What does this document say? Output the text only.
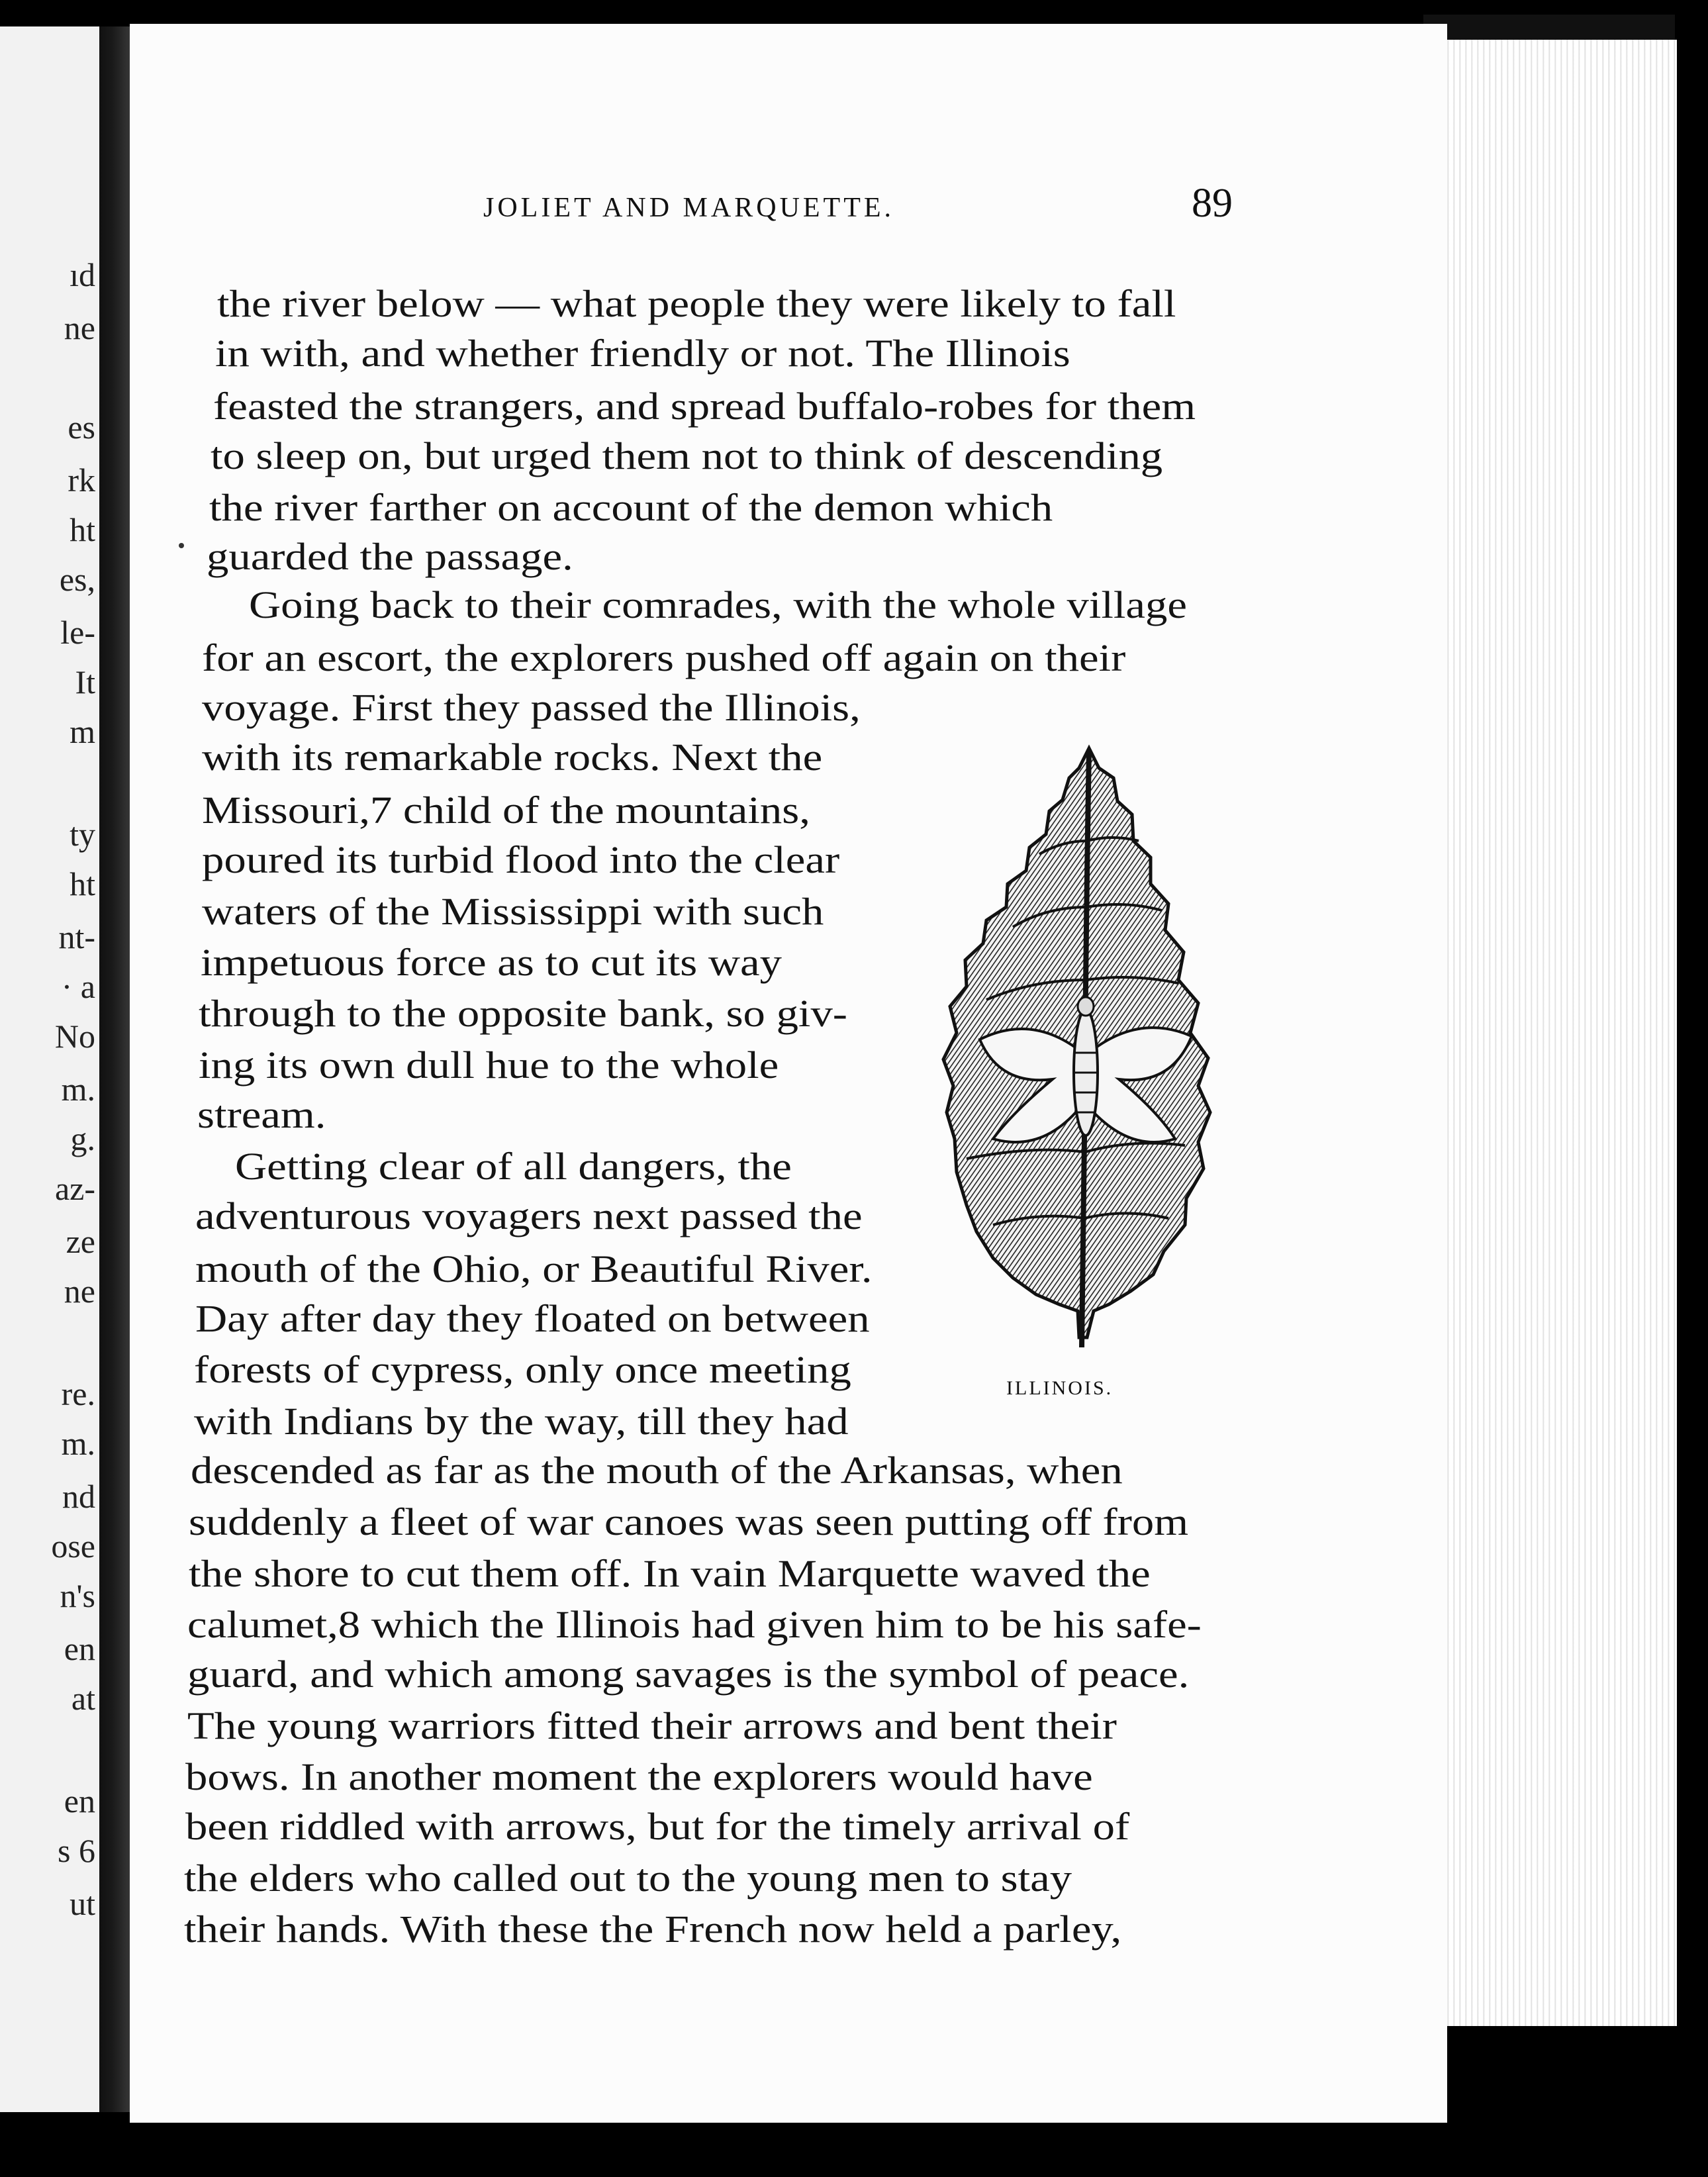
ıd
ne
es
rk
ht
es,
le-
It
m
ty
ht
nt-
· a
No
m.
g.
az-
ze
ne
re.
m.
nd
ose
n's
en
at
en
s 6
ut
JOLIET AND MARQUETTE.	89
the river below — what people they were likely to fall
in with, and whether friendly or not. The Illinois
feasted the strangers, and spread buffalo-robes for them
to sleep on, but urged them not to think of descending
the river farther on account of the demon which
guarded the passage.
Going back to their comrades, with the whole village
for an escort, the explorers pushed off again on their
voyage. First they passed the Illinois,
with its remarkable rocks. Next the
Missouri,7 child of the mountains,
poured its turbid flood into the clear
waters of the Mississippi with such
impetuous force as to cut its way
through to the opposite bank, so giv-
ing its own dull hue to the whole
stream.
Getting clear of all dangers, the
adventurous voyagers next passed the
mouth of the Ohio, or Beautiful River.
Day after day they floated on between
forests of cypress, only once meeting
with Indians by the way, till they had
descended as far as the mouth of the Arkansas, when
suddenly a fleet of war canoes was seen putting off from
the shore to cut them off. In vain Marquette waved the
calumet,8 which the Illinois had given him to be his safe-
guard, and which among savages is the symbol of peace.
The young warriors fitted their arrows and bent their
bows. In another moment the explorers would have
been riddled with arrows, but for the timely arrival of
the elders who called out to the young men to stay
their hands. With these the French now held a parley,
ILLINOIS.
